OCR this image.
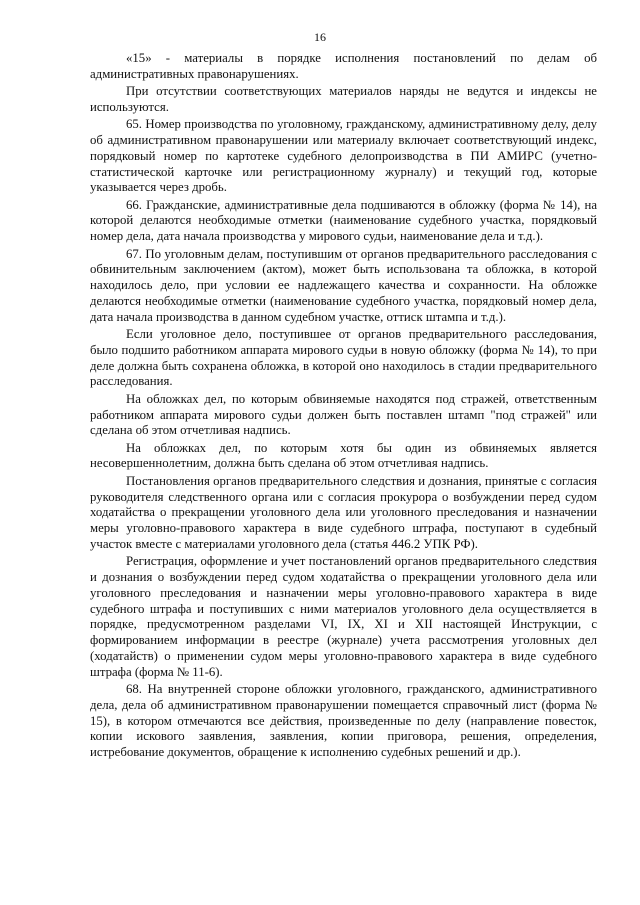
16

«15» - материалы в порядке исполнения постановлений по делам об административных правонарушениях.

При отсутствии соответствующих материалов наряды не ведутся и индексы не используются.

65. Номер производства по уголовному, гражданскому, административному делу, делу об административном правонарушении или материалу включает соответствующий индекс, порядковый номер по картотеке судебного делопроизводства в ПИ АМИРС (учетно-статистической карточке или регистрационному журналу) и текущий год, которые указывается через дробь.

66. Гражданские, административные дела подшиваются в обложку (форма № 14), на которой делаются необходимые отметки (наименование судебного участка, порядковый номер дела, дата начала производства у мирового судьи, наименование дела и т.д.).

67. По уголовным делам, поступившим от органов предварительного расследования с обвинительным заключением (актом), может быть использована та обложка, в которой находилось дело, при условии ее надлежащего качества и сохранности. На обложке делаются необходимые отметки (наименование судебного участка, порядковый номер дела, дата начала производства в данном судебном участке, оттиск штампа и т.д.).

Если уголовное дело, поступившее от органов предварительного расследования, было подшито работником аппарата мирового судьи в новую обложку (форма № 14), то при деле должна быть сохранена обложка, в которой оно находилось в стадии предварительного расследования.

На обложках дел, по которым обвиняемые находятся под стражей, ответственным работником аппарата мирового судьи должен быть поставлен штамп "под стражей" или сделана об этом отчетливая надпись.

На обложках дел, по которым хотя бы один из обвиняемых является несовершеннолетним, должна быть сделана об этом отчетливая надпись.

Постановления органов предварительного следствия и дознания, принятые с согласия руководителя следственного органа или с согласия прокурора о возбуждении перед судом ходатайства о прекращении уголовного дела или уголовного преследования и назначении меры уголовно-правового характера в виде судебного штрафа, поступают в судебный участок вместе с материалами уголовного дела (статья 446.2 УПК РФ).

Регистрация, оформление и учет постановлений органов предварительного следствия и дознания о возбуждении перед судом ходатайства о прекращении уголовного дела или уголовного преследования и назначении меры уголовно-правового характера в виде судебного штрафа и поступивших с ними материалов уголовного дела осуществляется в порядке, предусмотренном разделами VI, IX, XI и XII настоящей Инструкции, с формированием информации в реестре (журнале) учета рассмотрения уголовных дел (ходатайств) о применении судом меры уголовно-правового характера в виде судебного штрафа (форма № 11-6).

68. На внутренней стороне обложки уголовного, гражданского, административного дела, дела об административном правонарушении помещается справочный лист (форма № 15), в котором отмечаются все действия, произведенные по делу (направление повесток, копии искового заявления, заявления, копии приговора, решения, определения, истребование документов, обращение к исполнению судебных решений и др.).
